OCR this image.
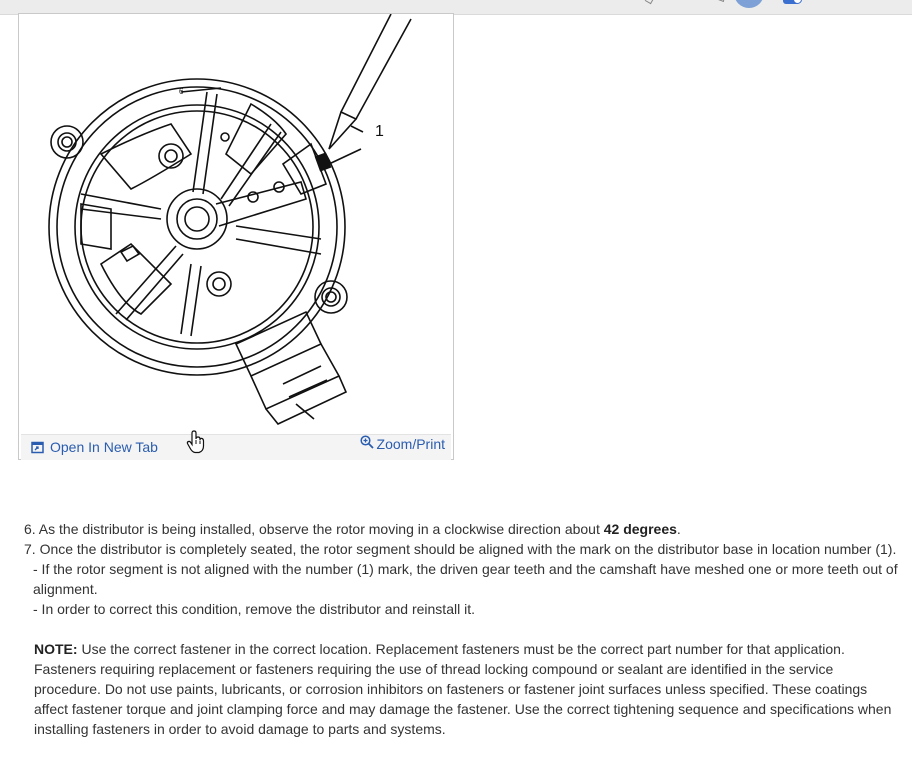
1
6
Open In New Tab	Zoom/Print

6. As the distributor is being installed, observe the rotor moving in a clockwise direction about 42 degrees.

7. Once the distributor is completely seated, the rotor segment should be aligned with the mark on the distributor base in location number (1).

- If the rotor segment is not aligned with the number (1) mark, the driven gear teeth and the camshaft have meshed one or more teeth out of alignment.

- In order to correct this condition, remove the distributor and reinstall it.

NOTE: Use the correct fastener in the correct location. Replacement fasteners must be the correct part number for that application. Fasteners requiring replacement or fasteners requiring the use of thread locking compound or sealant are identified in the service procedure. Do not use paints, lubricants, or corrosion inhibitors on fasteners or fastener joint surfaces unless specified. These coatings affect fastener torque and joint clamping force and may damage the fastener. Use the correct tightening sequence and specifications when installing fasteners in order to avoid damage to parts and systems.
